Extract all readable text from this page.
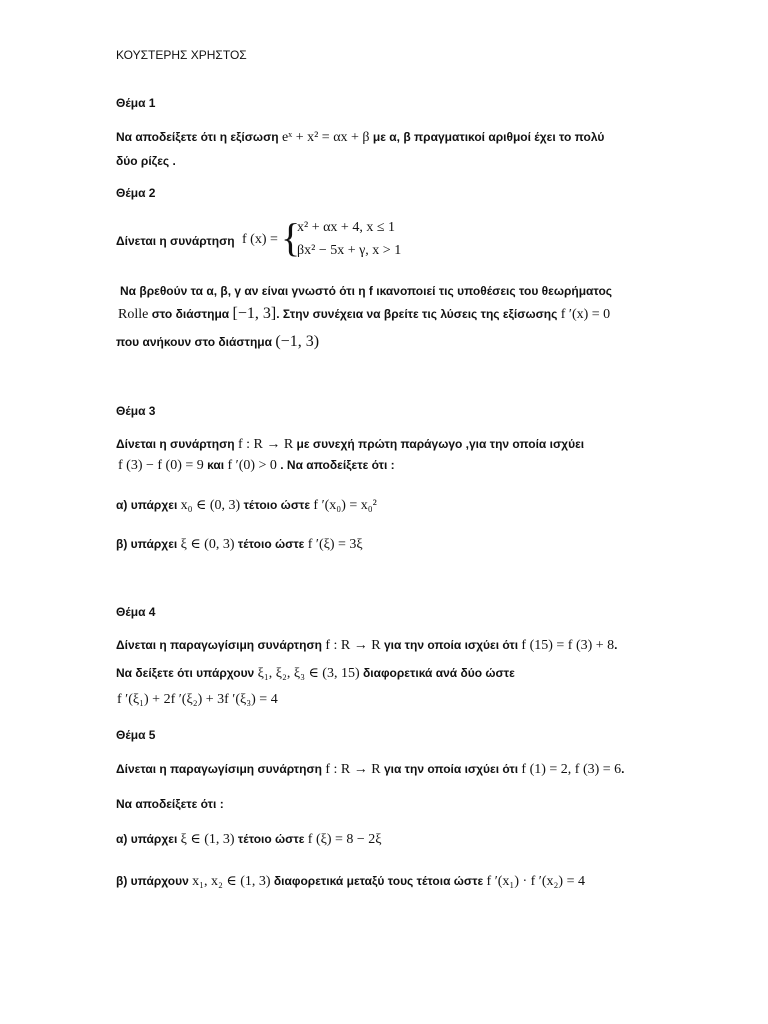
ΚΟΥΣΤΕΡΗΣ ΧΡΗΣΤΟΣ
Θέμα 1
Να αποδείξετε ότι η εξίσωση eˣ + x² = αx + β με α, β πραγματικοί αριθμοί έχει το πολύ
δύο ρίζες .
Θέμα 2
Δίνεται η συνάρτηση f (x) = {
x² + αx + 4, x ≤ 1
βx² − 5x + γ, x > 1
Να βρεθούν τα α, β, γ αν είναι γνωστό ότι η f ικανοποιεί τις υποθέσεις του θεωρήματος
Rolle στο διάστημα [−1, 3]. Στην συνέχεια να βρείτε τις λύσεις της εξίσωσης f ′(x) = 0
που ανήκουν στο διάστημα (−1, 3)
Θέμα 3
Δίνεται η συνάρτηση f : R → R με συνεχή πρώτη παράγωγο ,για την οποία ισχύει
f (3) − f (0) = 9 και f ′(0) > 0 . Να αποδείξετε ότι :
α) υπάρχει x₀ ∈ (0, 3) τέτοιο ώστε f ′(x₀) = x₀²
β) υπάρχει ξ ∈ (0, 3) τέτοιο ώστε f ′(ξ) = 3ξ
Θέμα 4
Δίνεται η παραγωγίσιμη συνάρτηση f : R → R για την οποία ισχύει ότι f (15) = f (3) + 8.
Να δείξετε ότι υπάρχουν ξ₁, ξ₂, ξ₃ ∈ (3, 15) διαφορετικά ανά δύο ώστε
f ′(ξ₁) + 2f ′(ξ₂) + 3f ′(ξ₃) = 4
Θέμα 5
Δίνεται η παραγωγίσιμη συνάρτηση f : R → R για την οποία ισχύει ότι f (1) = 2, f (3) = 6.
Να αποδείξετε ότι :
α) υπάρχει ξ ∈ (1, 3) τέτοιο ώστε f (ξ) = 8 − 2ξ
β) υπάρχουν x₁, x₂ ∈ (1, 3) διαφορετικά μεταξύ τους τέτοια ώστε f ′(x₁) · f ′(x₂) = 4
